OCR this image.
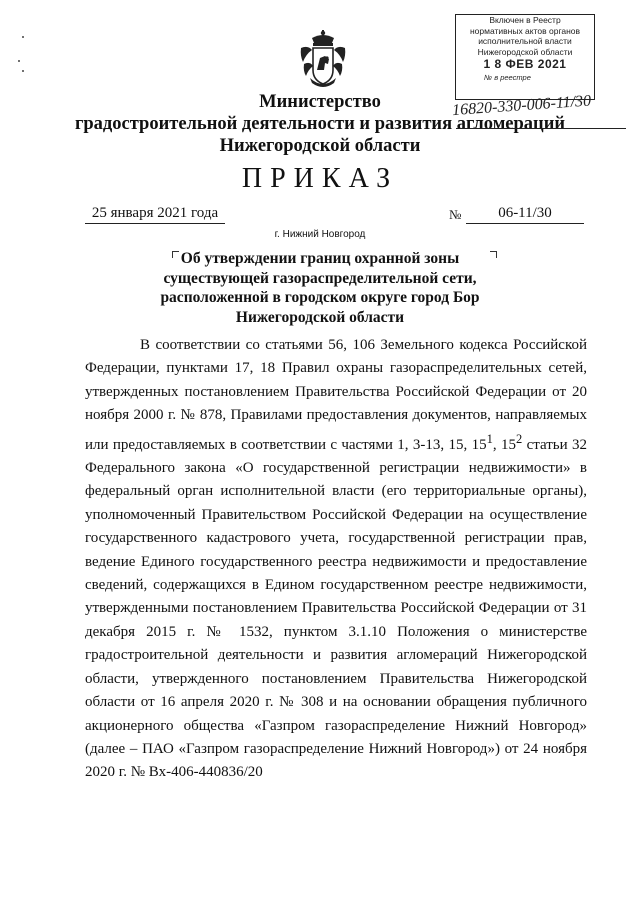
Включен в Реестр
нормативных актов органов
исполнительной власти
Нижегородской области
1 8 ФЕВ 2021
№ в реестре
16820-330-006-11/30
Министерство
градостроительной деятельности и развития агломераций
Нижегородской области
ПРИКАЗ
25 января 2021 года	№	06-11/30
г. Нижний Новгород
Об утверждении границ охранной зоны
существующей газораспределительной сети,
расположенной в городском округе город Бор
Нижегородской области

В соответствии со статьями 56, 106 Земельного кодекса Российской Федерации, пунктами 17, 18 Правил охраны газораспределительных сетей, утвержденных постановлением Правительства Российской Федерации от 20 ноября 2000 г. № 878, Правилами предоставления документов, направляемых или предоставляемых в соответствии с частями 1, 3-13, 15, $15^1$, $15^2$ статьи 32 Федерального закона «О государственной регистрации недвижимости» в федеральный орган исполнительной власти (его территориальные органы), уполномоченный Правительством Российской Федерации на осуществление государственного кадастрового учета, государственной регистрации прав, ведение Единого государственного реестра недвижимости и предоставление сведений, содержащихся в Едином государственном реестре недвижимости, утвержденными постановлением Правительства Российской Федерации от 31 декабря 2015 г. № 1532, пунктом 3.1.10 Положения о министерстве градостроительной деятельности и развития агломераций Нижегородской области, утвержденного постановлением Правительства Нижегородской области от 16 апреля 2020 г. № 308 и на основании обращения публичного акционерного общества «Газпром газораспределение Нижний Новгород» (далее – ПАО «Газпром газораспределение Нижний Новгород») от 24 ноября 2020 г. № Вх-406-440836/20
